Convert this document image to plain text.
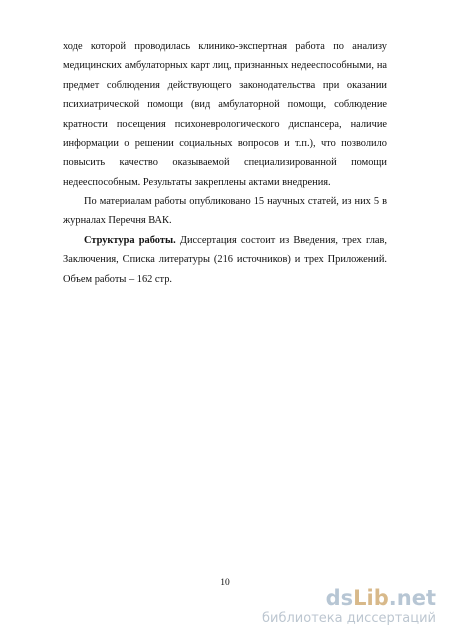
ходе которой проводилась клинико-экспертная работа по анализу
медицинских амбулаторных карт лиц, признанных недееспособными, на
предмет соблюдения действующего законодательства при оказании
психиатрической помощи (вид амбулаторной помощи, соблюдение
кратности посещения психоневрологического диспансера, наличие
информации о решении социальных вопросов и т.п.), что позволило
повысить качество оказываемой специализированной помощи
недееспособным. Результаты закреплены актами внедрения.
По материалам работы опубликовано 15 научных статей, из них 5 в
журналах Перечня ВАК.
Структура работы. Диссертация состоит из Введения, трех глав,
Заключения, Списка литературы (216 источников) и трех Приложений.
Объем работы – 162 стр.
10
dsLib.net
библиотека диссертаций
